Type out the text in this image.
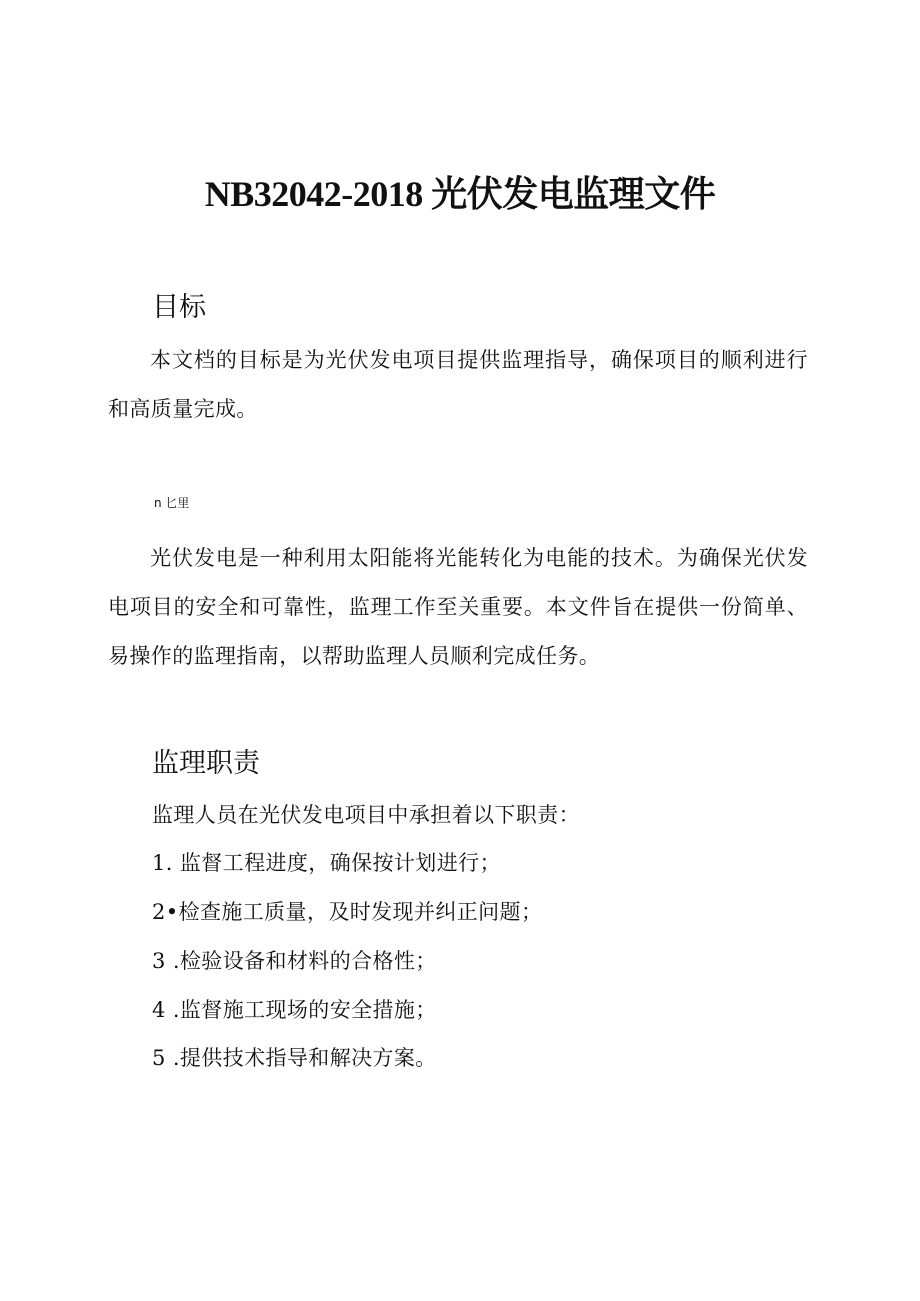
NB32042-2018 光伏发电监理文件
目标
本文档的目标是为光伏发电项目提供监理指导，确保项目的顺利进行和高质量完成。
n 匕里
光伏发电是一种利用太阳能将光能转化为电能的技术。为确保光伏发电项目的安全和可靠性，监理工作至关重要。本文件旨在提供一份简单、易操作的监理指南，以帮助监理人员顺利完成任务。
监理职责
监理人员在光伏发电项目中承担着以下职责：
1. 监督工程进度，确保按计划进行；
2•检查施工质量，及时发现并纠正问题；
3 .检验设备和材料的合格性；
4 .监督施工现场的安全措施；
5 .提供技术指导和解决方案。
